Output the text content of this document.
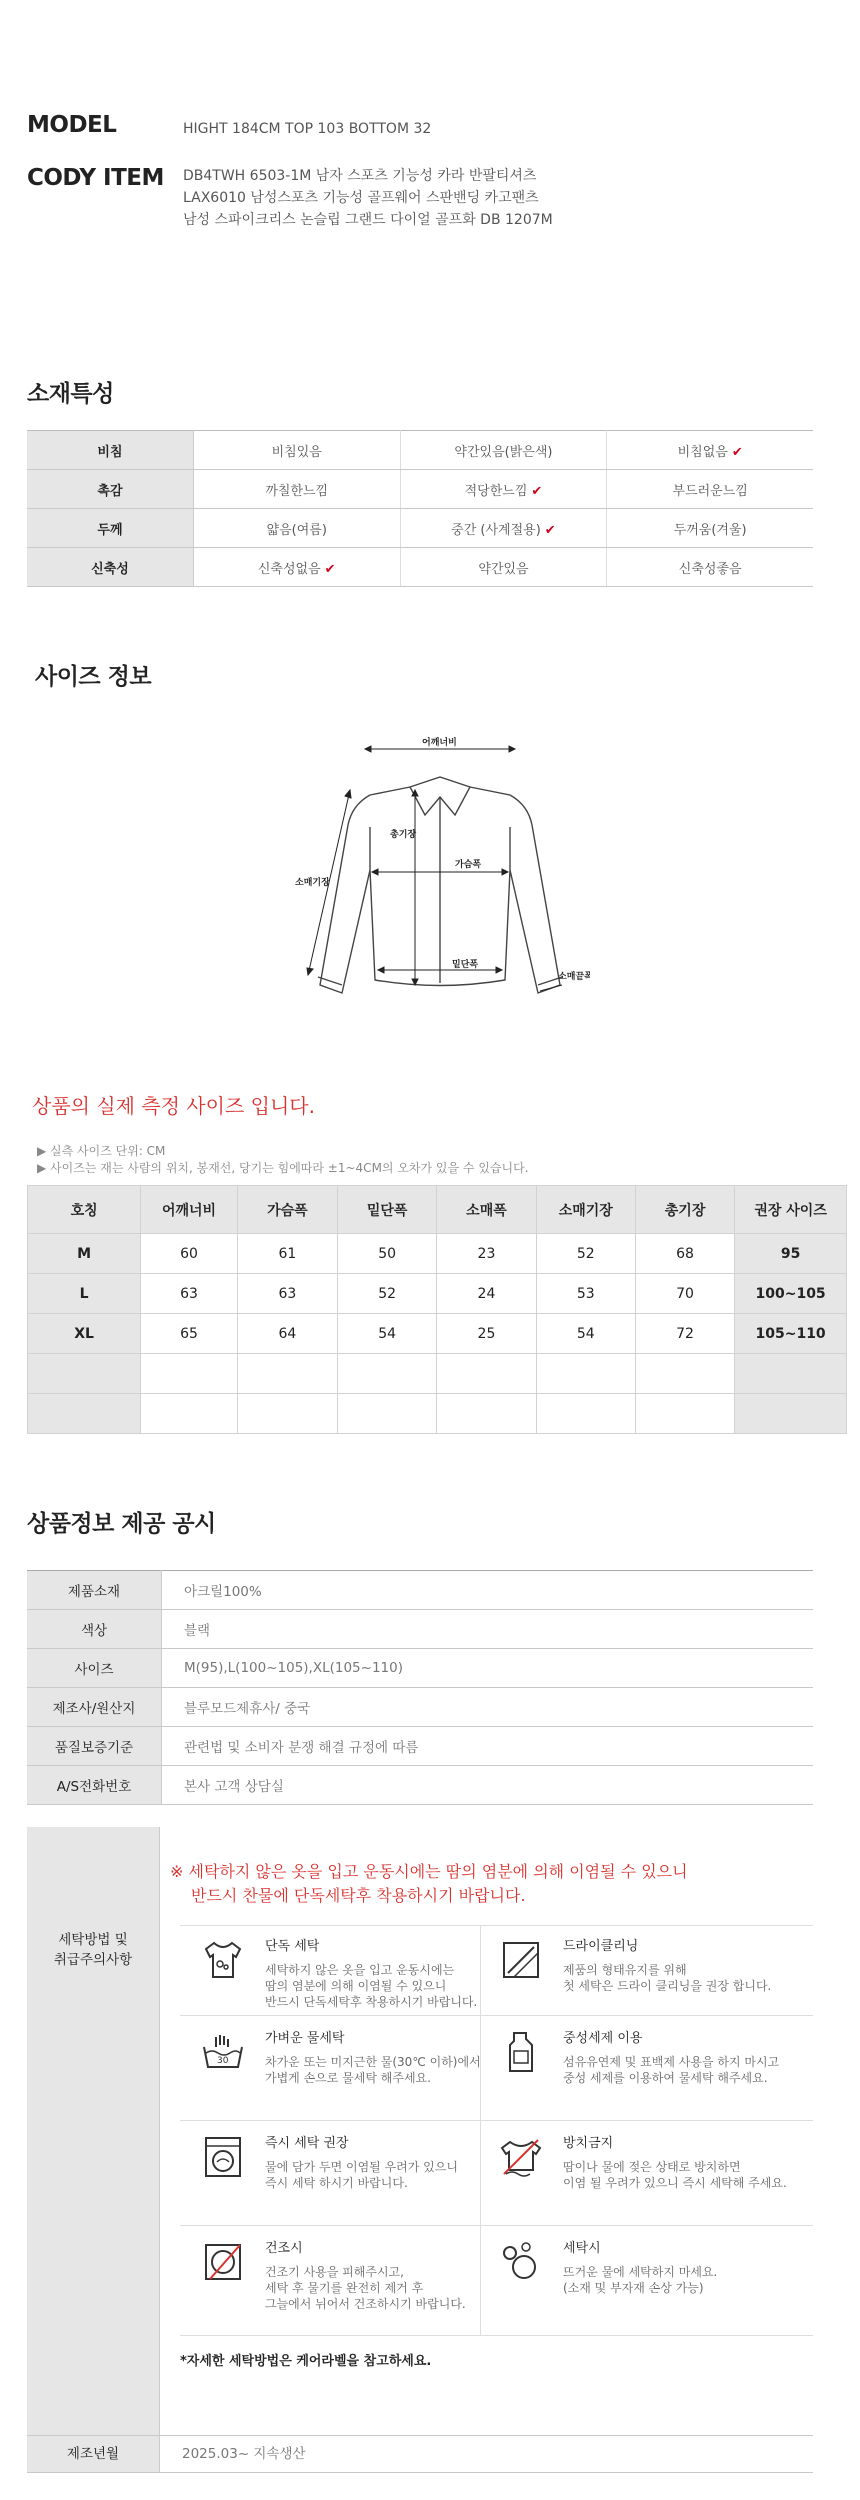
MODEL	HIGHT 184CM TOP 103 BOTTOM 32
CODY ITEM DB4TWH 6503-1M 남자 스포츠 기능성 카라 반팔티셔츠
LAX6010 남성스포츠 기능성 골프웨어 스판밴딩 카고팬츠
남성 스파이크리스 논슬립 그랜드 다이얼 골프화 DB 1207M
소재특성
비침	비침있음	약간있음(밝은색)	비침없음 ✔
촉감	까칠한느낌	적당한느낌 ✔	부드러운느낌
두께	얇음(여름)	중간 (사계절용) ✔	두꺼움(겨울)
신축성	신축성없음 ✔	약간있음	신축성좋음
사이즈 정보
어깨너비
총기장
가슴폭
소매기장
밑단폭
소매끝폭
상품의 실제 측정 사이즈 입니다.
▶ 실측 사이즈 단위: CM
▶ 사이즈는 재는 사람의 위치, 봉재선, 당기는 힘에따라 ±1~4CM의 오차가 있을 수 있습니다.
호칭	어깨너비	가슴폭	밑단폭	소매폭	소매기장	총기장	권장 사이즈
M	60	61	50	23	52	68	95
L	63	63	52	24	53	70	100~105
XL	65	64	54	25	54	72	105~110

상품정보 제공 공시
제품소재	아크릴100%
색상	블랙
사이즈	M(95),L(100~105),XL(105~110)
제조사/원산지	블루모드제휴사/ 중국
품질보증기준	관련법 및 소비자 분쟁 해결 규정에 따름
A/S전화번호	본사 고객 상담실
세탁방법 및
취급주의사항
※ 세탁하지 않은 옷을 입고 운동시에는 땀의 염분에 의해 이염될 수 있으니
반드시 찬물에 단독세탁후 착용하시기 바랍니다.
단독 세탁
세탁하지 않은 옷을 입고 운동시에는
땀의 염분에 의해 이염될 수 있으니
반드시 단독세탁후 착용하시기 바랍니다.
드라이클리닝
제품의 형태유지를 위해
첫 세탁은 드라이 클리닝을 권장 합니다.
30
가벼운 물세탁
차가운 또는 미지근한 물(30℃ 이하)에서
가볍게 손으로 물세탁 해주세요.
중성세제 이용
섬유유연제 및 표백제 사용을 하지 마시고
중성 세제를 이용하여 물세탁 해주세요.
즉시 세탁 권장
물에 담가 두면 이염될 우려가 있으니
즉시 세탁 하시기 바랍니다.
방치금지
땀이나 물에 젖은 상태로 방치하면
이염 될 우려가 있으니 즉시 세탁해 주세요.
건조시
건조기 사용을 피해주시고,
세탁 후 물기를 완전히 제거 후
그늘에서 뉘어서 건조하시기 바랍니다.
세탁시
뜨거운 물에 세탁하지 마세요.
(소재 및 부자재 손상 가능)
*자세한 세탁방법은 케어라벨을 참고하세요.
제조년월	2025.03~ 지속생산
